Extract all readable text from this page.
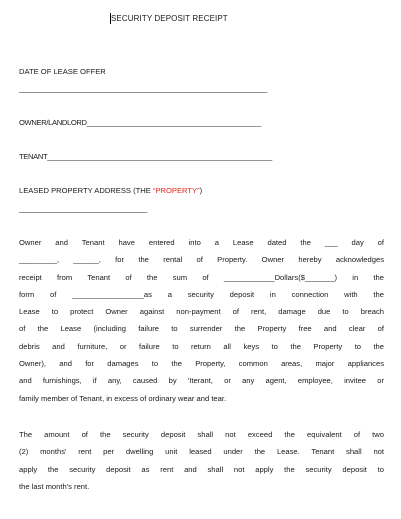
SECURITY DEPOSIT RECEIPT
DATE OF LEASE OFFER
________________________________________________________________
OWNER/LANDLORD_____________________________________________
TENANT__________________________________________________________
LEASED PROPERTY ADDRESS (THE “PROPERTY”)
_________________________________
Owner and Tenant have entered into a Lease dated the ___ day of
_________, ______, for the rental of Property. Owner hereby acknowledges
receipt from Tenant of the sum of ____________Dollars($_______) in the
form of _________________as a security deposit in connection with the
Lease to protect Owner against non-payment of rent, damage due to breach
of the Lease (including failure to surrender the Property free and clear of
debris and furniture, or failure to return all keys to the Property to the
Owner), and for damages to the Property, common areas, major appliances
and furnishings, if any, caused by 'Iterant, or any agent, employee, invitee or
family member of Tenant, in excess of ordinary wear and tear.
The amount of the security deposit shall not exceed the equivalent of two
(2) months' rent per dwelling unit leased under the Lease. Tenant shall not
apply the security deposit as rent and shall not apply the security deposit to
the last month's rent.
